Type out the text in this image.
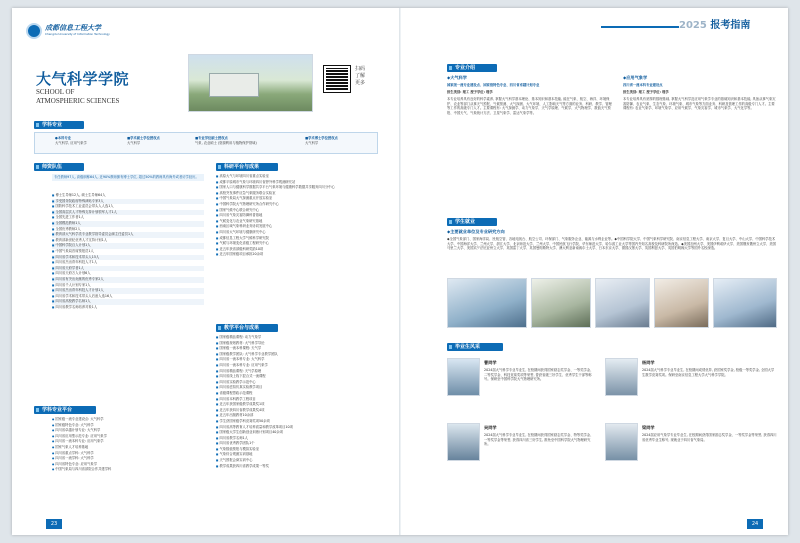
成都信息工程大学
Chengdu University of Information Technology
大气科学学院
SCHOOL OF
ATMOSPHERIC SCIENCES
扫码了解更多
学科专业
●本科专业
大气科学, 应用气象学
■学术硕士学位授权点
大气科学
■专业学位硕士授权点
气象, 农业硕士 (资源利用与植物保护领域)
■学术博士学位授权点
大气科学
师资队伍
专任教师97人, 高级职称64人, 近90%教师拥有博士学位, 超过50%的教师具有海外或者访学经历。
■ 博士生导师12人, 硕士生导师64人
■ 享受国务院政府特殊津贴专家3人
■ 国防科学技术工业委员会带头人人选1人
■ 全国高层次人才特殊支持计划领军人才1人
■ 全国先进工作者1人
■ 全国模范教师1人
■ 全国优秀教师2人
■ 教育部大气科学类专业教学指导委员会副主任委员1人
■ 教育部新世纪优秀人才支持计划1人
■ 中国科学院百人计划1人
■ 中国气象局首席预报员1人
■ 四川省学术和技术带头人15人
■ 四川省杰出青年科技人才1人
■ 四川省天府学者1人
■ 四川省天府万人计划6人
■ 四川省有突出贡献的优秀专家2人
■ 四川省千人计划专家1人
■ 四川省杰出青年科技人才计划1人
■ 四川省学术和技术带头人后备人选16人
■ 四川省高校教学名师1人
■ 四川省教学名师培养对象1人
科研平台与成果
■ 高原大气与环境四川省重点实验室
■ 成都平原城市气象与环境四川省野外科学观测研究站
■ 国家人口与健康科学数据共享平台气象环境与健康科学数据共享服务四川分中心
■ 高校突发事件应急气象服务联合实验室
■ 中国气象局大气探测重点开放实验室
■ 中国科学院大气物理研究所合作研究中心
■ 国家气候中心联合研究中心
■ 四川省气象灾害防御科普基地
■ 气候变化与农业气象研究基地
■ 西南区域气象科研业务协同发展中心
■ 四川省大气环境与健康研究中心
■ 成都信息工程大学气候科学研究院
■ 气候与环境变化省级工程研究中心
■ 近五年获省部级科研奖励10项
■ 近五年国家级项目承担20余项
教学平台与成果
■ 国家级精品课程: 动力气象学
■ 国家级规划教材: 大气科学导论
■ 国家级一流本科课程: 天气学
■ 国家级教学团队: 大气科学专业教学团队
■ 四川省一流本科专业: 大气科学
■ 四川省一流本科专业: 应用气象学
■ 四川省精品课程: 天气学原理
■ 四川省线上线下混合式一流课程
■ 四川省实验教学示范中心
■ 四川省虚拟仿真实验教学项目
■ 省级课程思政示范课程
■ 四川省本科教学工程项目
■ 近五年获国家级教学成果奖1项
■ 近五年获四川省教学成果奖4项
■ 近五年出版教材10余部
■ 学生获国家级学科竞赛奖项50余项
■ 四川省高等教育人才培养质量和教学改革项目10项
■ 国家级大学生创新创业训练计划项目40余项
■ 四川省教学名师1人
■ 四川省优秀教学团队1个
■ 气象数值预报与模拟实验室
■ 气象综合观测实训基地
■ 天气预报会商实训中心
■ 教学成果获四川省教学成果一等奖
学科专业平台
● 国家级一流专业建设点: 大气科学
● 国家级特色专业: 大气科学
● 四川省卓越计划专业: 大气科学
● 四川省应用型示范专业: 应用气象学
● 四川省一流本科专业: 应用气象学
● 国家气象人才培养基地
● 四川省重点学科: 大气科学
● 四川省一流学科: 大气科学
● 四川省特色专业: 应用气象学
● 中国气象局与四川省部院合作共建学科
23
2025 报考指南
专业介绍
◆大气科学
国家级一流专业建设点、国家级特色专业、四川省卓越计划专业
招生类别: 理工 授予学位: 理学
本专业培养具有良好的科学素养, 掌握大气科学基本理论、基本知识和基本技能, 能在气象、航空、海洋、环境保护、农业等部门从事天气预报、气候预测、大气探测、大气环境、人工影响天气等方面的业务、科研、教学、管理等工作的高级专门人才。主要课程有: 大气探测学、动力气象学、天气学原理、气候学、大气物理学、数值天气预报、中国天气、气象统计方法、卫星气象学、雷达气象学等。
◆应用气象学
四川省一流本科专业建设点
招生类别: 理工 授予学位: 理学
本专业培养具有宽厚的数理基础, 掌握大气科学及应用气象学专业的基础知识和基本技能, 具备从事气象灾害防御、农业气象、生态气象、环境气象、城市气象等方面业务、科研及管理工作的高级专门人才。主要课程有: 农业气象学、环境气象学、应用气候学、气象灾害学、城市气象学、大气化学等。
学生就业
◆主要就业单位及专业研究方向
◆全国气象部门、国家海洋局、民航空管、各地电视台、航空公司、环保部门、气象服务企业、能源与水利企业等。◆中国科学院大学、中国气象科学研究院、南京信息工程大学、南京大学、复旦大学、中山大学、中国科学技术大学、中国海洋大学、兰州大学、浙江大学、北京师范大学、兰州大学、中国民航飞行学院、华东师范大学、哈尔滨工业大学等国内外知名高校及科研院所深造。◆美国加州大学、美国伊利诺伊大学、美国俄亥俄州立大学、美国马里兰大学、美国宾夕法尼亚州立大学、英国雷丁大学、英国曼彻斯特大学、澳大利亚新南威尔士大学、日本东京大学、德国汉堡大学、英国利兹大学、英国伯明翰大学等国外名校深造。
毕业生风采
曹同学
2024届大气科学专业毕业生, 在校期间获得国家励志奖学金、一等奖学金、二等奖学金、科技竞赛奖项等荣誉, 曾获省级三好学生、优秀学生干部等称号。保研至中国科学院大气物理研究所。
杨同学
2024届大气科学专业毕业生, 在校期间成绩优异, 获国家奖学金, 校级一等奖学金, 全国大学生数学竞赛奖项。保研至南京信息工程大学大气科学学院。
吴同学
2024届大气科学专业毕业生, 在校期间获得国家励志奖学金、特等奖学金、一等奖学金等荣誉, 获得四川省三好学生, 推免至中国科学院大气物理研究所。
梁同学
2024届应用气象学专业毕业生, 在校期间获得国家励志奖学金、一等奖学金等荣誉, 获得四川省优秀毕业生称号, 现就业于四川省气象局。
24
